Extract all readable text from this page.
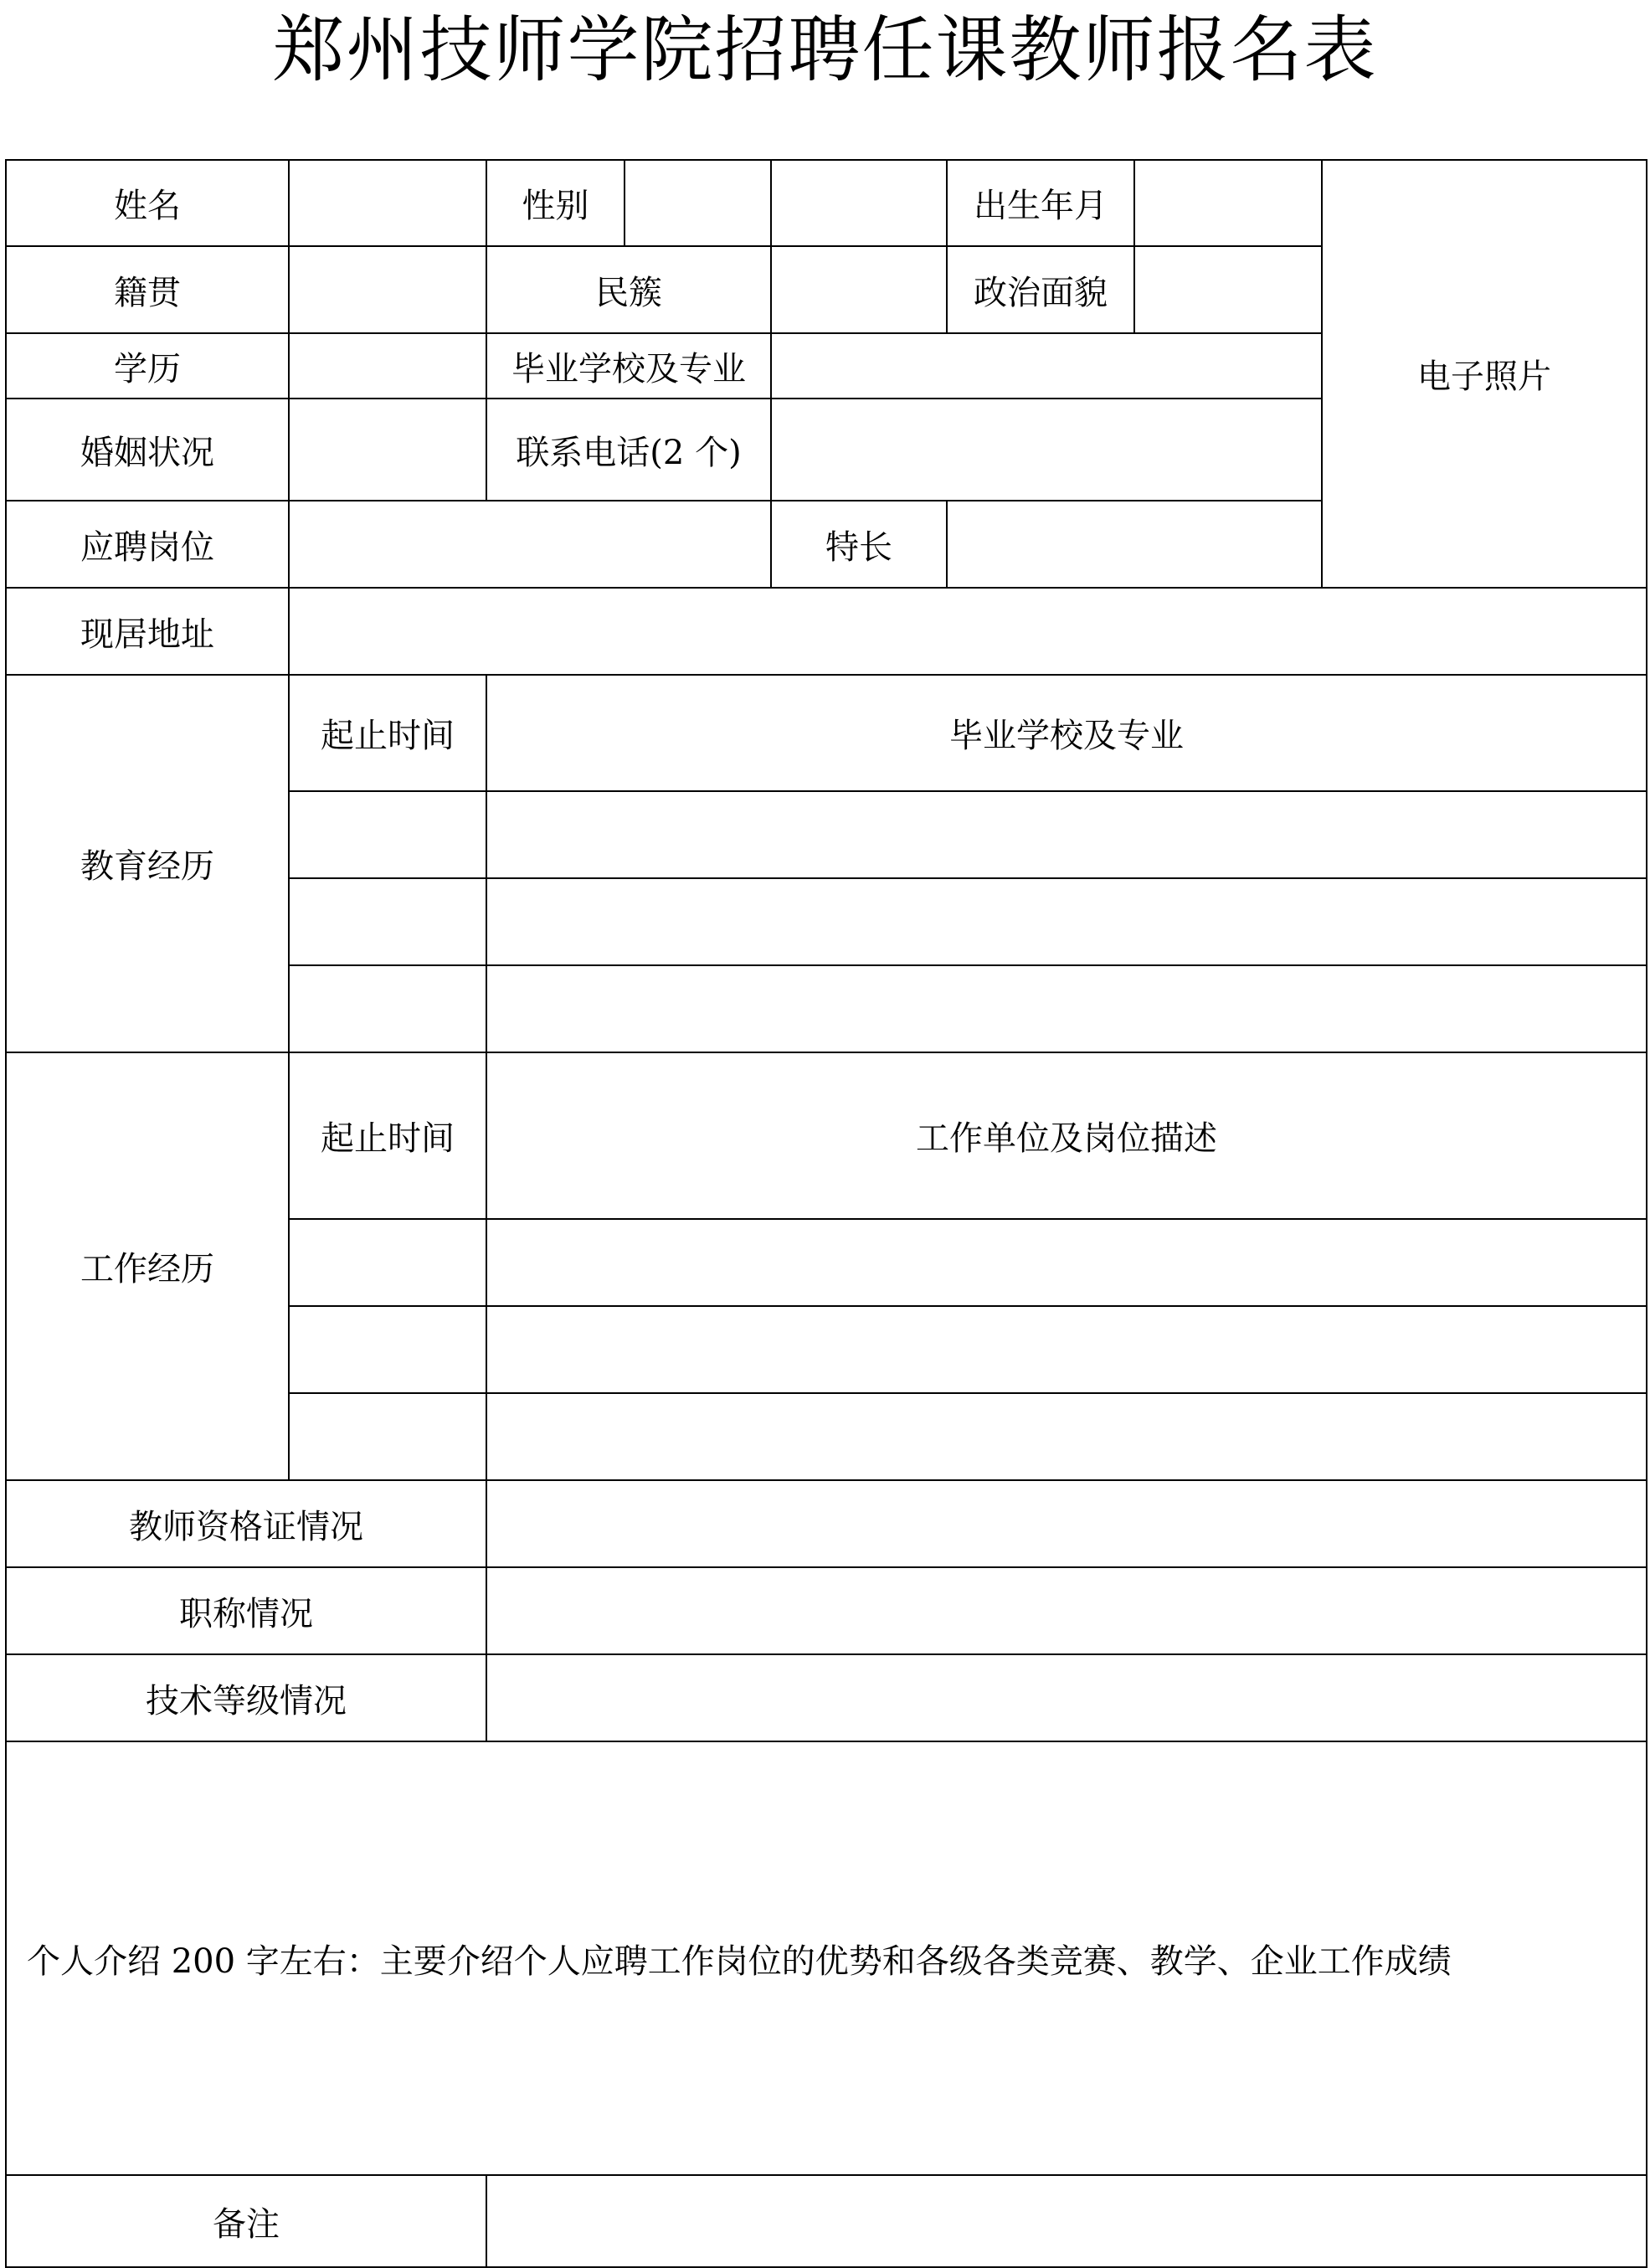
郑州技师学院招聘任课教师报名表
姓名		性别			出生年月		电子照片
籍贯		民簇			政治面貌		
学历		毕业学校及专业					
婚姻状况		联系电话(2 个)					
应聘岗位				特长			
现居地址							
教育经历	起止时间	毕业学校及专业					

工作经历	起止时间	工作单位及岗位描述					

教师资格证情况							
职称情况							
技术等级情况							
个人介绍 200 字左右：主要介绍个人应聘工作岗位的优势和各级各类竞赛、教学、企业工作成绩							
备注							
